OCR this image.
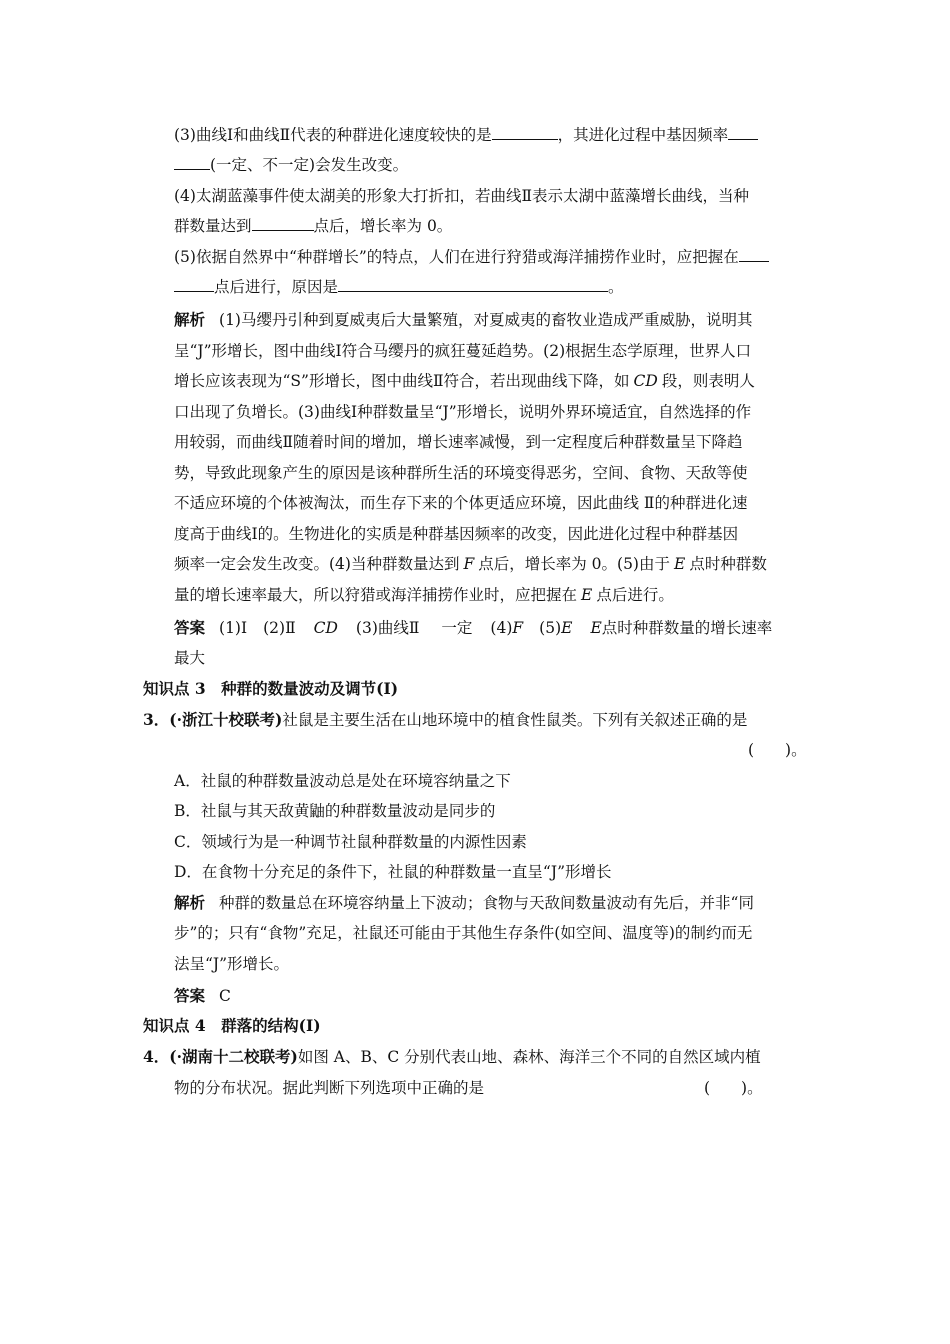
(3)曲线Ⅰ和曲线Ⅱ代表的种群进化速度较快的是	，其进化过程中基因频率
(一定、不一定)会发生改变。
(4)太湖蓝藻事件使太湖美的形象大打折扣，若曲线Ⅱ表示太湖中蓝藻增长曲线，当种
群数量达到	点后，增长率为 0。
(5)依据自然界中“种群增长”的特点，人们在进行狩猎或海洋捕捞作业时，应把握在
点后进行，原因是	。
解析 (1)马缨丹引种到夏威夷后大量繁殖，对夏威夷的畜牧业造成严重威胁，说明其
呈“J”形增长，图中曲线Ⅰ符合马缨丹的疯狂蔓延趋势。(2)根据生态学原理，世界人口
增长应该表现为“S”形增长，图中曲线Ⅱ符合，若出现曲线下降，如 CD 段，则表明人
口出现了负增长。(3)曲线Ⅰ种群数量呈“J”形增长，说明外界环境适宜，自然选择的作
用较弱，而曲线Ⅱ随着时间的增加，增长速率减慢，到一定程度后种群数量呈下降趋
势，导致此现象产生的原因是该种群所生活的环境变得恶劣，空间、食物、天敌等使
不适应环境的个体被淘汰，而生存下来的个体更适应环境，因此曲线 Ⅱ的种群进化速
度高于曲线Ⅰ的。生物进化的实质是种群基因频率的改变，因此进化过程中种群基因
频率一定会发生改变。(4)当种群数量达到 F 点后，增长率为 0。(5)由于 E 点时种群数
量的增长速率最大，所以狩猎或海洋捕捞作业时，应把握在 E 点后进行。
答案 (1)Ⅰ (2)Ⅱ CD (3)曲线Ⅱ 一定 (4)F (5)E E点时种群数量的增长速率
最大
知识点 3　种群的数量波动及调节(Ⅰ)
3．(·浙江十校联考)社鼠是主要生活在山地环境中的植食性鼠类。下列有关叙述正确的是
(　　)。
A．社鼠的种群数量波动总是处在环境容纳量之下
B．社鼠与其天敌黄鼬的种群数量波动是同步的
C．领域行为是一种调节社鼠种群数量的内源性因素
D．在食物十分充足的条件下，社鼠的种群数量一直呈“J”形增长
解析 种群的数量总在环境容纳量上下波动；食物与天敌间数量波动有先后，并非“同
步”的；只有“食物”充足，社鼠还可能由于其他生存条件(如空间、温度等)的制约而无
法呈“J”形增长。
答案 C
知识点 4　群落的结构(Ⅰ)
4．(·湖南十二校联考)如图 A、B、C 分别代表山地、森林、海洋三个不同的自然区域内植
物的分布状况。据此判断下列选项中正确的是	(　　)。
